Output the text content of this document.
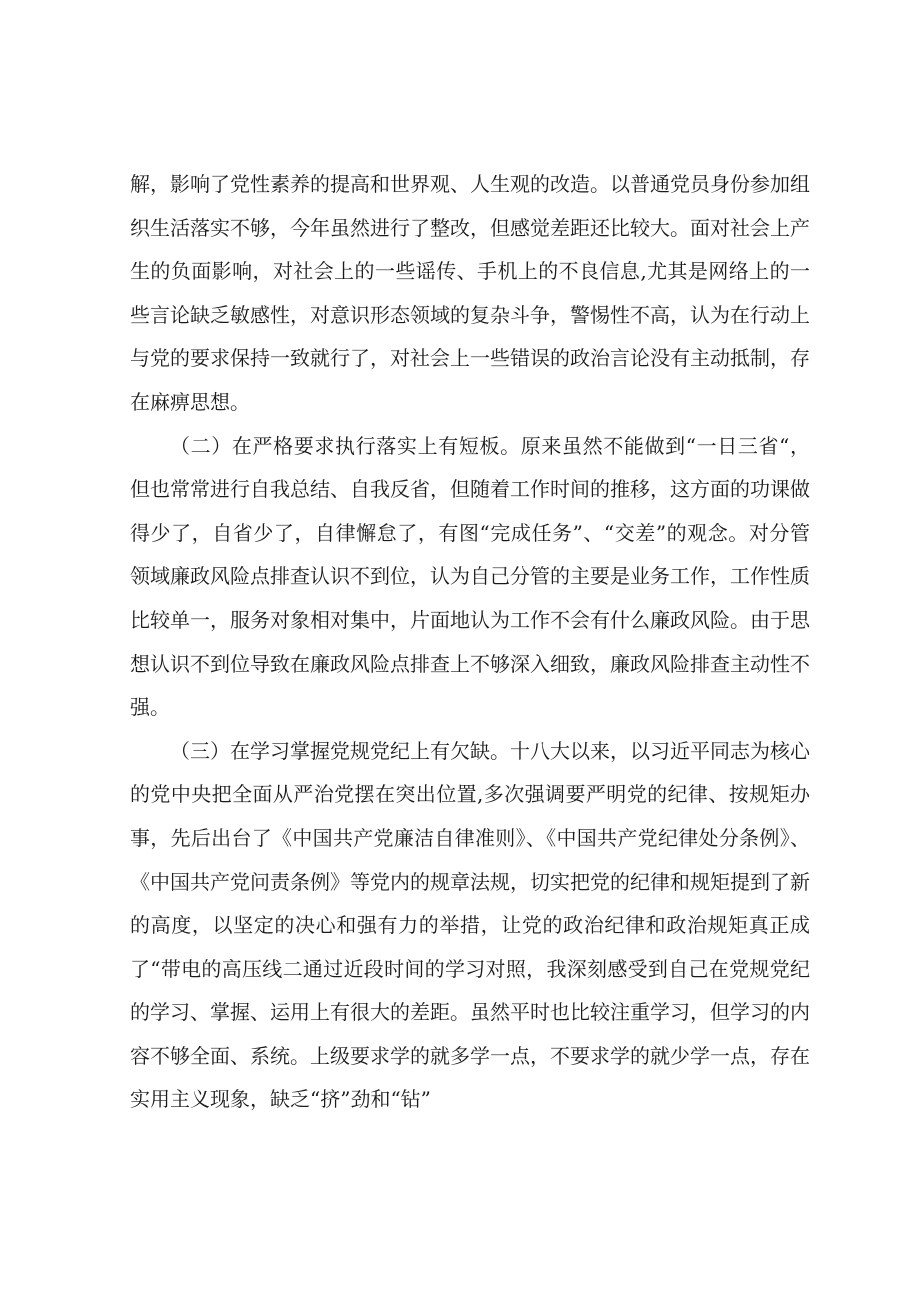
解，影响了党性素养的提高和世界观、人生观的改造。以普通党员身份参加组织生活落实不够，今年虽然进行了整改，但感觉差距还比较大。面对社会上产生的负面影响，对社会上的一些谣传、手机上的不良信息,尤其是网络上的一些言论缺乏敏感性，对意识形态领域的复杂斗争，警惕性不高，认为在行动上与党的要求保持一致就行了，对社会上一些错误的政治言论没有主动抵制，存在麻痹思想。

（二）在严格要求执行落实上有短板。原来虽然不能做到“一日三省“，但也常常进行自我总结、自我反省，但随着工作时间的推移，这方面的功课做得少了，自省少了，自律懈怠了，有图“完成任务”、“交差”的观念。对分管领域廉政风险点排查认识不到位，认为自己分管的主要是业务工作，工作性质比较单一，服务对象相对集中，片面地认为工作不会有什么廉政风险。由于思想认识不到位导致在廉政风险点排查上不够深入细致，廉政风险排查主动性不强。

（三）在学习掌握党规党纪上有欠缺。十八大以来，以习近平同志为核心的党中央把全面从严治党摆在突出位置,多次强调要严明党的纪律、按规矩办事，先后出台了《中国共产党廉洁自律准则》、《中国共产党纪律处分条例》、《中国共产党问责条例》等党内的规章法规，切实把党的纪律和规矩提到了新的高度，以坚定的决心和强有力的举措，让党的政治纪律和政治规矩真正成了“带电的高压线二通过近段时间的学习对照，我深刻感受到自己在党规党纪的学习、掌握、运用上有很大的差距。虽然平时也比较注重学习，但学习的内容不够全面、系统。上级要求学的就多学一点，不要求学的就少学一点，存在实用主义现象，缺乏“挤”劲和“钻”
